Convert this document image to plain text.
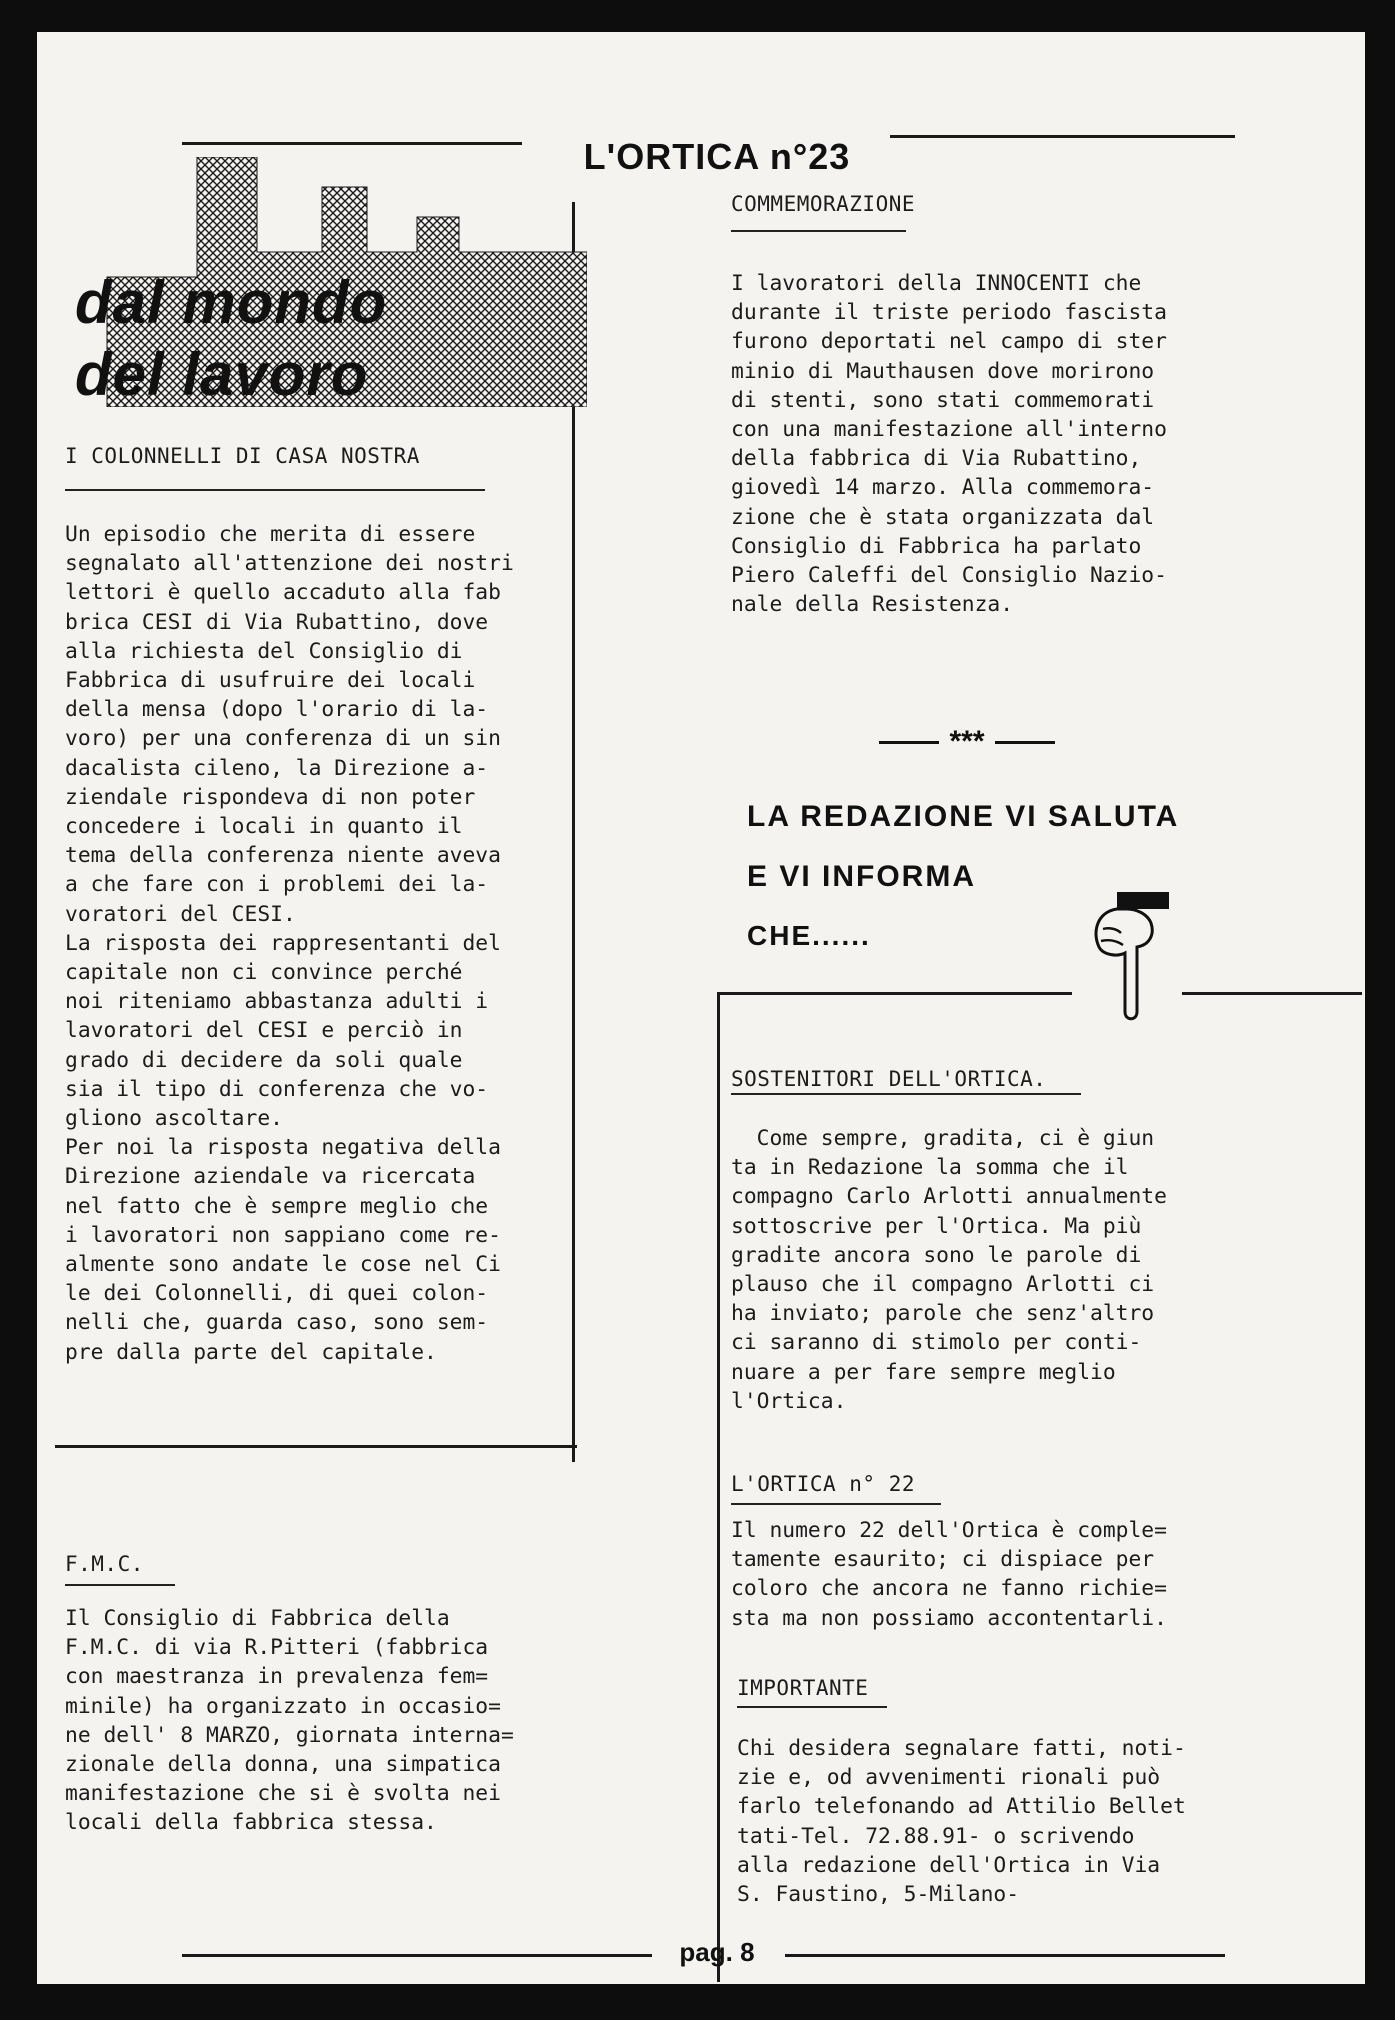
L'ORTICA n°23
dal mondo
del lavoro
I COLONNELLI DI CASA NOSTRA
Un episodio che merita di essere
segnalato all'attenzione dei nostri
lettori è quello accaduto alla fab
brica CESI di Via Rubattino, dove
alla richiesta del Consiglio di
Fabbrica di usufruire dei locali
della mensa (dopo l'orario di la-
voro) per una conferenza di un sin
dacalista cileno, la Direzione a-
ziendale rispondeva di non poter
concedere i locali in quanto il
tema della conferenza niente aveva
a che fare con i problemi dei la-
voratori del CESI.
La risposta dei rappresentanti del
capitale non ci convince perché
noi riteniamo abbastanza adulti i
lavoratori del CESI e perciò in
grado di decidere da soli quale
sia il tipo di conferenza che vo-
gliono ascoltare.
Per noi la risposta negativa della
Direzione aziendale va ricercata
nel fatto che è sempre meglio che
i lavoratori non sappiano come re-
almente sono andate le cose nel Ci
le dei Colonnelli, di quei colon-
nelli che, guarda caso, sono sem-
pre dalla parte del capitale.
F.M.C.
Il Consiglio di Fabbrica della
F.M.C. di via R.Pitteri (fabbrica
con maestranza in prevalenza fem=
minile) ha organizzato in occasio=
ne dell' 8 MARZO, giornata interna=
zionale della donna, una simpatica
manifestazione che si è svolta nei
locali della fabbrica stessa.
COMMEMORAZIONE
I lavoratori della INNOCENTI che
durante il triste periodo fascista
furono deportati nel campo di ster
minio di Mauthausen dove morirono
di stenti, sono stati commemorati
con una manifestazione all'interno
della fabbrica di Via Rubattino,
giovedì 14 marzo. Alla commemora-
zione che è stata organizzata dal
Consiglio di Fabbrica ha parlato
Piero Caleffi del Consiglio Nazio-
nale della Resistenza.
***
LA REDAZIONE VI SALUTA
E VI INFORMA
CHE......
SOSTENITORI DELL'ORTICA.
Come sempre, gradita, ci è giun
ta in Redazione la somma che il
compagno Carlo Arlotti annualmente
sottoscrive per l'Ortica. Ma più
gradite ancora sono le parole di
plauso che il compagno Arlotti ci
ha inviato; parole che senz'altro
ci saranno di stimolo per conti-
nuare a per fare sempre meglio
l'Ortica.
L'ORTICA n° 22
Il numero 22 dell'Ortica è comple=
tamente esaurito; ci dispiace per
coloro che ancora ne fanno richie=
sta ma non possiamo accontentarli.
IMPORTANTE
Chi desidera segnalare fatti, noti-
zie e, od avvenimenti rionali può
farlo telefonando ad Attilio Bellet
tati-Tel. 72.88.91- o scrivendo
alla redazione dell'Ortica in Via
S. Faustino, 5-Milano-
pag. 8
